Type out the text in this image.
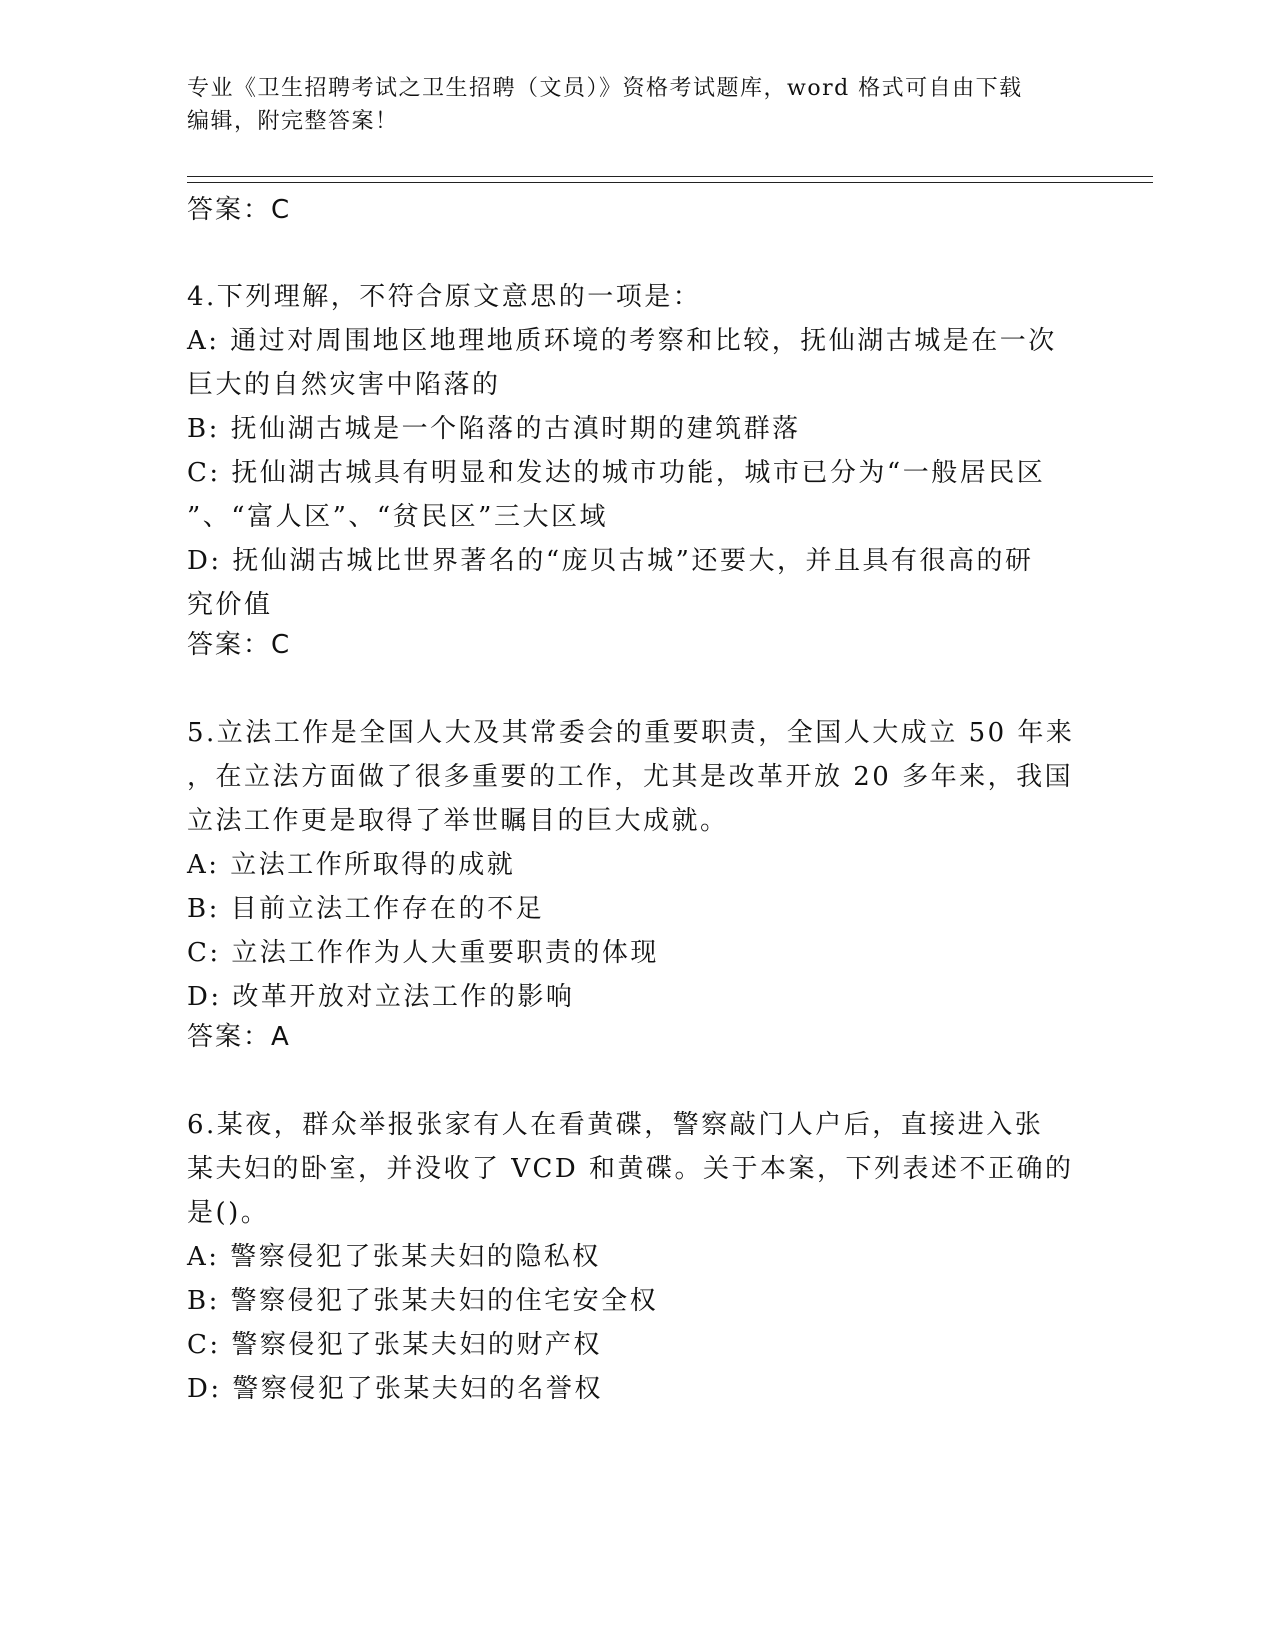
专业《卫生招聘考试之卫生招聘（文员）》资格考试题库，word 格式可自由下载
编辑，附完整答案！
答案：C
4.下列理解，不符合原文意思的一项是：
A: 通过对周围地区地理地质环境的考察和比较，抚仙湖古城是在一次
巨大的自然灾害中陷落的
B: 抚仙湖古城是一个陷落的古滇时期的建筑群落
C: 抚仙湖古城具有明显和发达的城市功能，城市已分为“一般居民区
”、“富人区”、“贫民区”三大区域
D: 抚仙湖古城比世界著名的“庞贝古城”还要大，并且具有很高的研
究价值
答案：C
5.立法工作是全国人大及其常委会的重要职责，全国人大成立 50 年来
，在立法方面做了很多重要的工作，尤其是改革开放 20 多年来，我国
立法工作更是取得了举世瞩目的巨大成就。
A: 立法工作所取得的成就
B: 目前立法工作存在的不足
C: 立法工作作为人大重要职责的体现
D: 改革开放对立法工作的影响
答案：A
6.某夜，群众举报张家有人在看黄碟，警察敲门人户后，直接进入张
某夫妇的卧室，并没收了 VCD 和黄碟。关于本案，下列表述不正确的
是()。
A: 警察侵犯了张某夫妇的隐私权
B: 警察侵犯了张某夫妇的住宅安全权
C: 警察侵犯了张某夫妇的财产权
D: 警察侵犯了张某夫妇的名誉权
